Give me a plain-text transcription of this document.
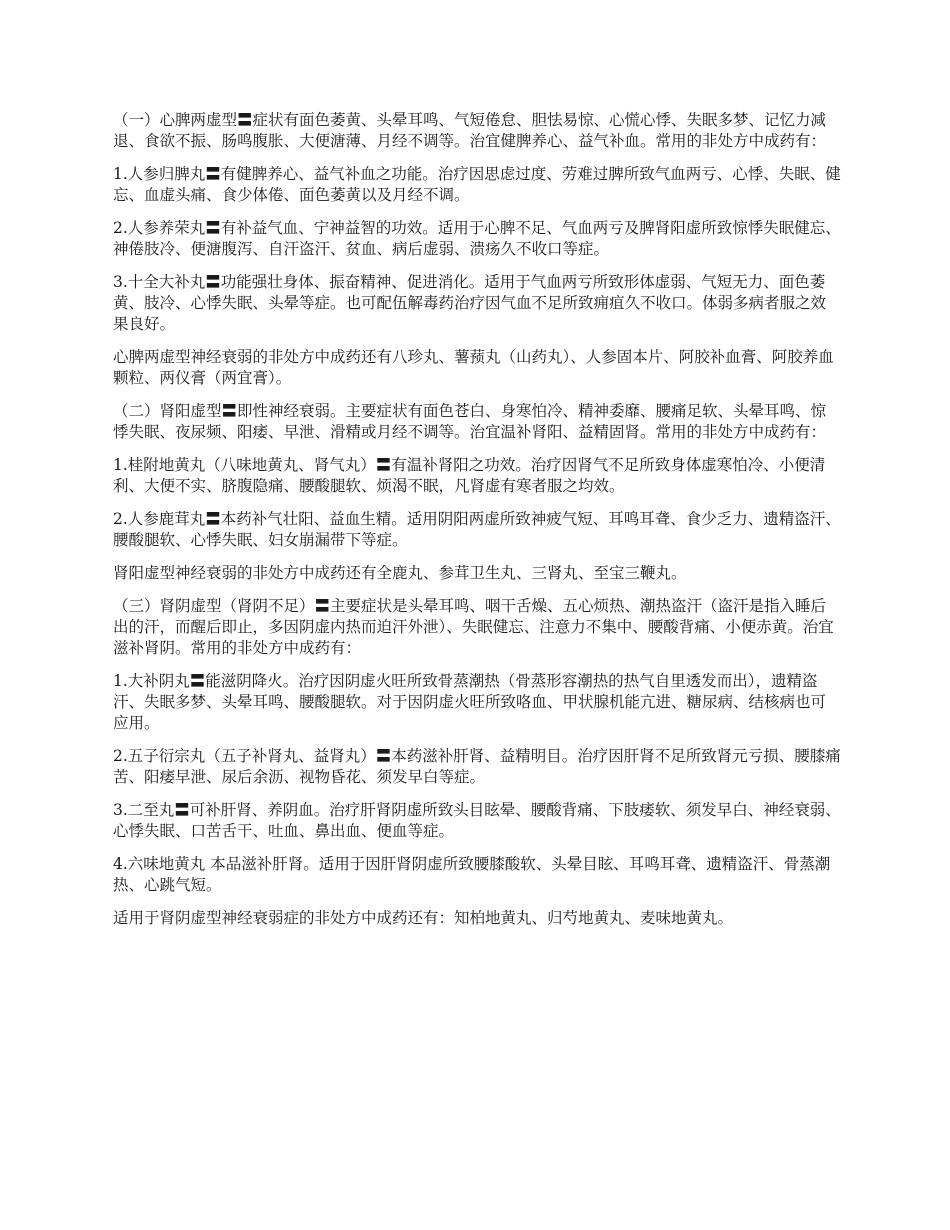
（一）心脾两虚型〓症状有面色萎黄、头晕耳鸣、气短倦怠、胆怯易惊、心慌心悸、失眠多梦、记忆力减退、食欲不振、肠鸣腹胀、大便溏薄、月经不调等。治宜健脾养心、益气补血。常用的非处方中成药有：

1.人参归脾丸〓有健脾养心、益气补血之功能。治疗因思虑过度、劳难过脾所致气血两亏、心悸、失眠、健忘、血虚头痛、食少体倦、面色萎黄以及月经不调。

2.人参养荣丸〓有补益气血、宁神益智的功效。适用于心脾不足、气血两亏及脾肾阳虚所致惊悸失眠健忘、神倦肢冷、便溏腹泻、自汗盗汗、贫血、病后虚弱、溃疡久不收口等症。

3.十全大补丸〓功能强壮身体、振奋精神、促进消化。适用于气血两亏所致形体虚弱、气短无力、面色萎黄、肢冷、心悸失眠、头晕等症。也可配伍解毒药治疗因气血不足所致痈疽久不收口。体弱多病者服之效果良好。

心脾两虚型神经衰弱的非处方中成药还有八珍丸、薯蓣丸（山药丸）、人参固本片、阿胶补血膏、阿胶养血颗粒、两仪膏（两宜膏）。

（二）肾阳虚型〓即性神经衰弱。主要症状有面色苍白、身寒怕冷、精神委靡、腰痛足软、头晕耳鸣、惊悸失眠、夜尿频、阳痿、早泄、滑精或月经不调等。治宜温补肾阳、益精固肾。常用的非处方中成药有：

1.桂附地黄丸（八味地黄丸、肾气丸）〓有温补肾阳之功效。治疗因肾气不足所致身体虚寒怕冷、小便清利、大便不实、脐腹隐痛、腰酸腿软、烦渴不眠，凡肾虚有寒者服之均效。

2.人参鹿茸丸〓本药补气壮阳、益血生精。适用阴阳两虚所致神疲气短、耳鸣耳聋、食少乏力、遗精盗汗、腰酸腿软、心悸失眠、妇女崩漏带下等症。

肾阳虚型神经衰弱的非处方中成药还有全鹿丸、参茸卫生丸、三肾丸、至宝三鞭丸。

（三）肾阴虚型（肾阴不足）〓主要症状是头晕耳鸣、咽干舌燥、五心烦热、潮热盗汗（盗汗是指入睡后出的汗，而醒后即止，多因阴虚内热而迫汗外泄）、失眠健忘、注意力不集中、腰酸背痛、小便赤黄。治宜滋补肾阴。常用的非处方中成药有：

1.大补阴丸〓能滋阴降火。治疗因阴虚火旺所致骨蒸潮热（骨蒸形容潮热的热气自里透发而出），遗精盗汗、失眠多梦、头晕耳鸣、腰酸腿软。对于因阴虚火旺所致咯血、甲状腺机能亢进、糖尿病、结核病也可应用。

2.五子衍宗丸（五子补肾丸、益肾丸）〓本药滋补肝肾、益精明目。治疗因肝肾不足所致肾元亏损、腰膝痛苦、阳痿早泄、尿后余沥、视物昏花、须发早白等症。

3.二至丸〓可补肝肾、养阴血。治疗肝肾阴虚所致头目眩晕、腰酸背痛、下肢痿软、须发早白、神经衰弱、心悸失眠、口苦舌干、吐血、鼻出血、便血等症。

4.六味地黄丸 本品滋补肝肾。适用于因肝肾阴虚所致腰膝酸软、头晕目眩、耳鸣耳聋、遗精盗汗、骨蒸潮热、心跳气短。

适用于肾阴虚型神经衰弱症的非处方中成药还有：知柏地黄丸、归芍地黄丸、麦味地黄丸。
